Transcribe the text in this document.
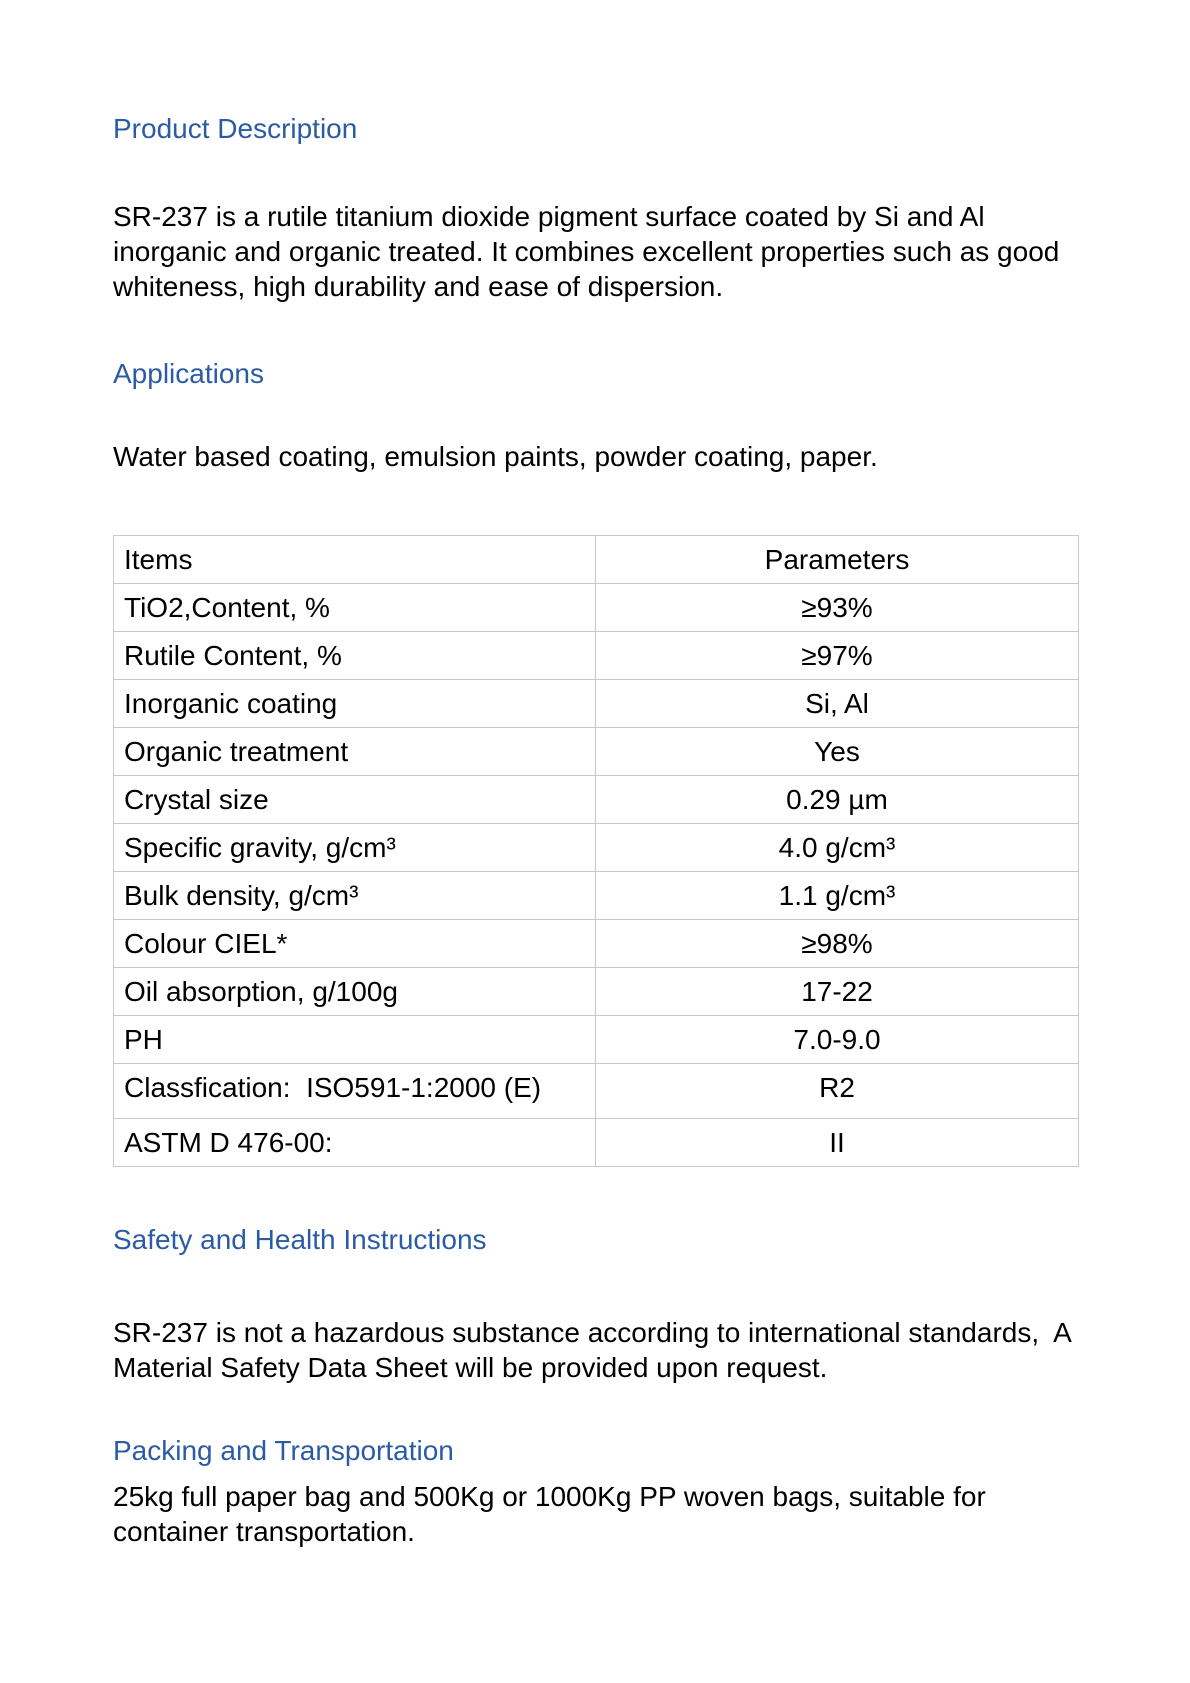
Product Description

SR-237 is a rutile titanium dioxide pigment surface coated by Si and Al inorganic and organic treated. It combines excellent properties such as good whiteness, high durability and ease of dispersion.

Applications

Water based coating, emulsion paints, powder coating, paper.

Items	Parameters
TiO2,Content, %	≥93%
Rutile Content, %	≥97%
Inorganic coating	Si, Al
Organic treatment	Yes
Crystal size	0.29 µm
Specific gravity, g/cm³	4.0 g/cm³
Bulk density, g/cm³	1.1 g/cm³
Colour CIEL*	≥98%
Oil absorption, g/100g	17-22
PH	7.0-9.0
Classfication:  ISO591-1:2000 (E)	R2
ASTM D 476-00:	II
Safety and Health Instructions

SR-237 is not a hazardous substance according to international standards,  A Material Safety Data Sheet will be provided upon request.

Packing and Transportation

25kg full paper bag and 500Kg or 1000Kg PP woven bags, suitable for container transportation.
